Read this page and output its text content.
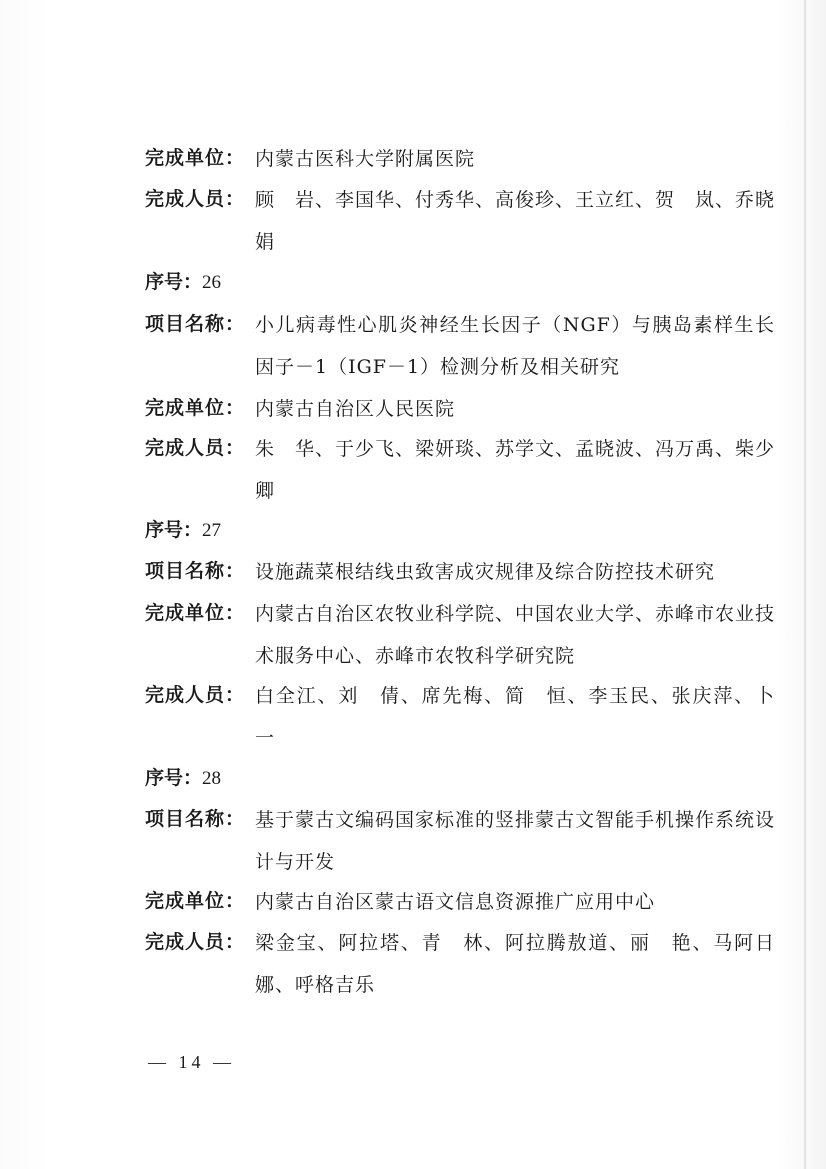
完成单位： 内蒙古医科大学附属医院
完成人员： 顾　岩、李国华、付秀华、高俊珍、王立红、贺　岚、乔晓娟
序号：26
项目名称： 小儿病毒性心肌炎神经生长因子（NGF）与胰岛素样生长因子－1（IGF－1）检测分析及相关研究
完成单位： 内蒙古自治区人民医院
完成人员： 朱　华、于少飞、梁妍琰、苏学文、孟晓波、冯万禹、柴少卿
序号：27
项目名称： 设施蔬菜根结线虫致害成灾规律及综合防控技术研究
完成单位： 内蒙古自治区农牧业科学院、中国农业大学、赤峰市农业技术服务中心、赤峰市农牧科学研究院
完成人员： 白全江、刘　倩、席先梅、简　恒、李玉民、张庆萍、卜　一
序号：28
项目名称： 基于蒙古文编码国家标准的竖排蒙古文智能手机操作系统设计与开发
完成单位： 内蒙古自治区蒙古语文信息资源推广应用中心
完成人员： 梁金宝、阿拉塔、青　林、阿拉腾敖道、丽　艳、马阿日娜、呼格吉乐
— 14 —
